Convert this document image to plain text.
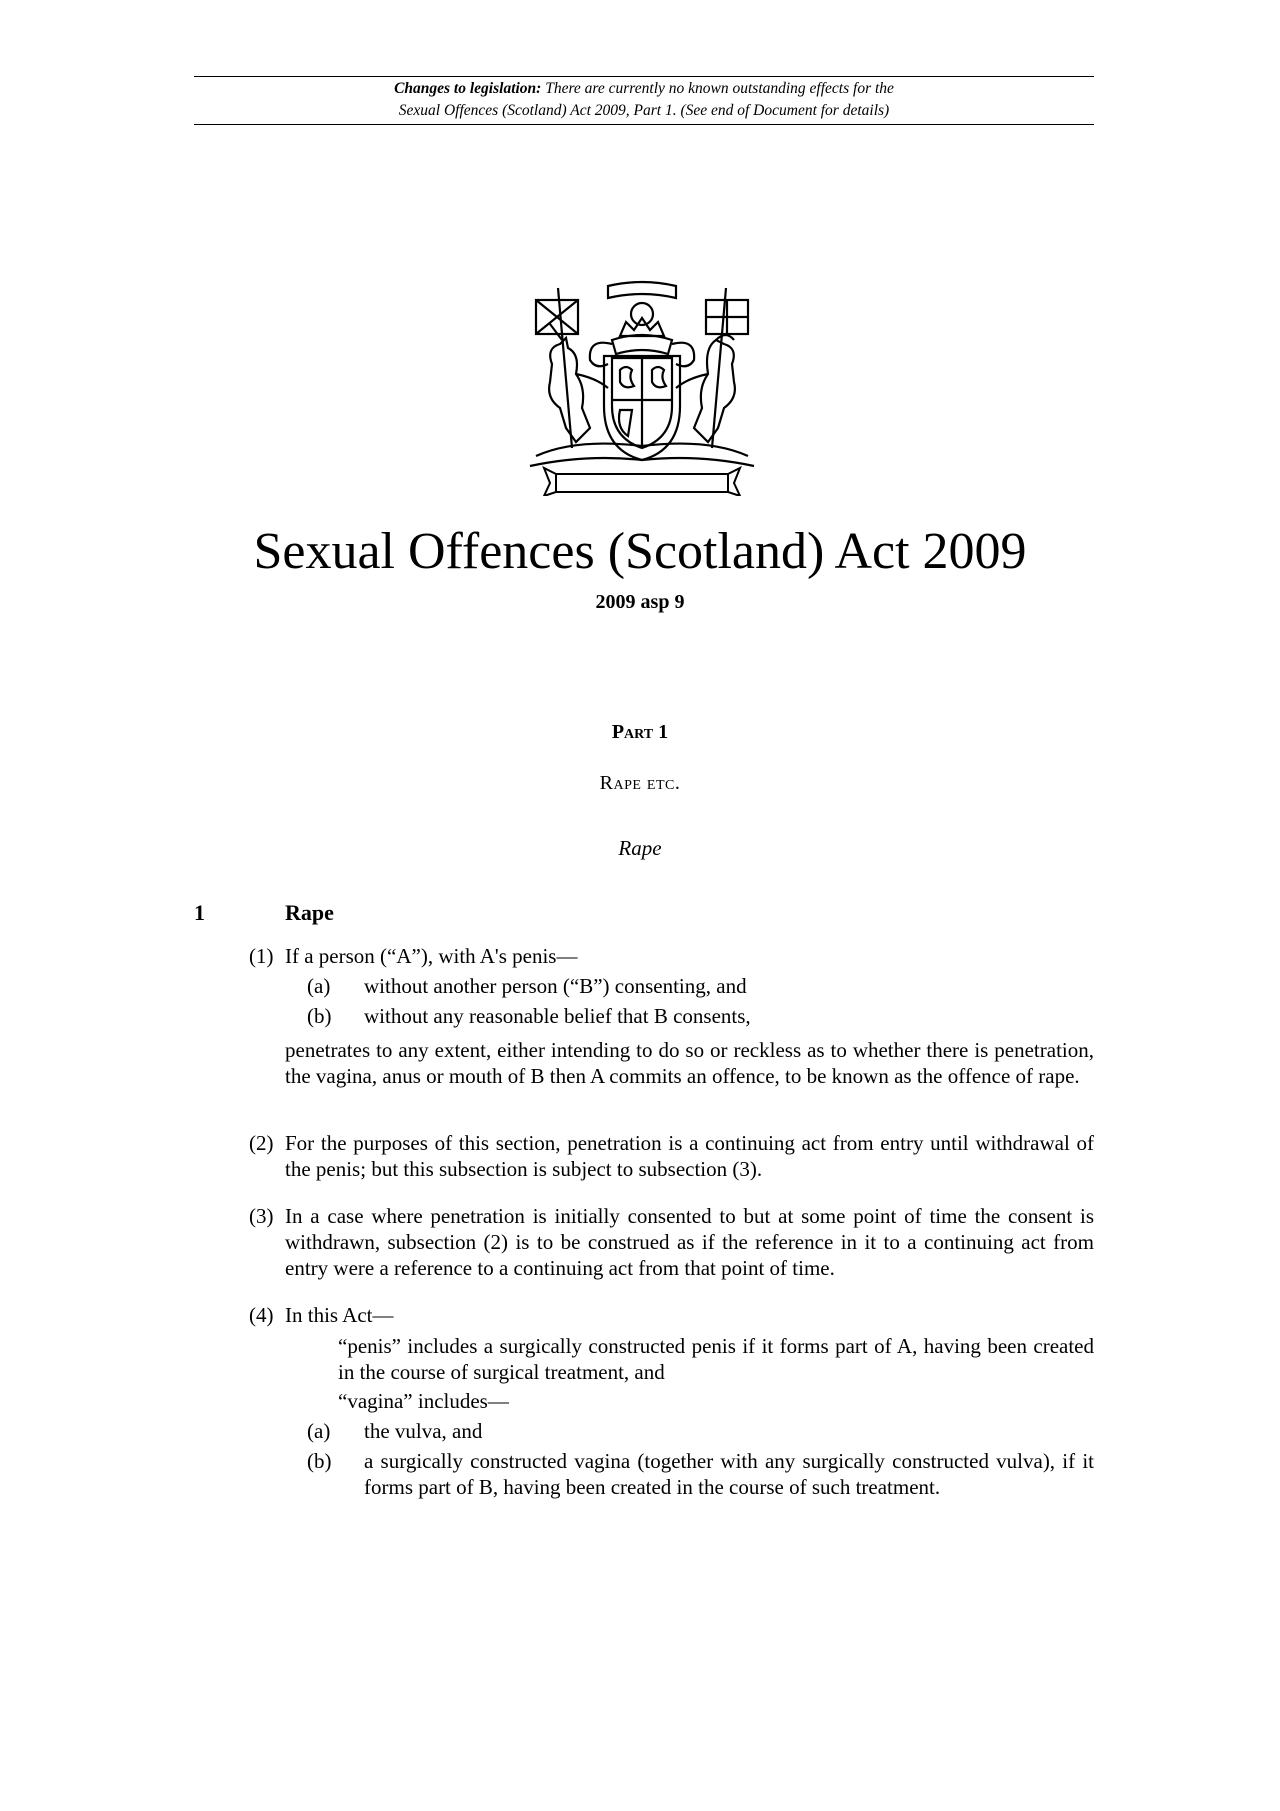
Changes to legislation: There are currently no known outstanding effects for the
Sexual Offences (Scotland) Act 2009, Part 1. (See end of Document for details)
Sexual Offences (Scotland) Act 2009
2009 asp 9
Part 1
Rape etc.
Rape
1	Rape
(1) If a person (“A”), with A's penis—
(a) without another person (“B”) consenting, and
(b) without any reasonable belief that B consents,
penetrates to any extent, either intending to do so or reckless as to whether there is penetration, the vagina, anus or mouth of B then A commits an offence, to be known as the offence of rape.
(2) For the purposes of this section, penetration is a continuing act from entry until withdrawal of the penis; but this subsection is subject to subsection (3).
(3) In a case where penetration is initially consented to but at some point of time the consent is withdrawn, subsection (2) is to be construed as if the reference in it to a continuing act from entry were a reference to a continuing act from that point of time.
(4) In this Act—
“penis” includes a surgically constructed penis if it forms part of A, having been created in the course of surgical treatment, and
“vagina” includes—
(a) the vulva, and
(b) a surgically constructed vagina (together with any surgically constructed vulva), if it forms part of B, having been created in the course of such treatment.
